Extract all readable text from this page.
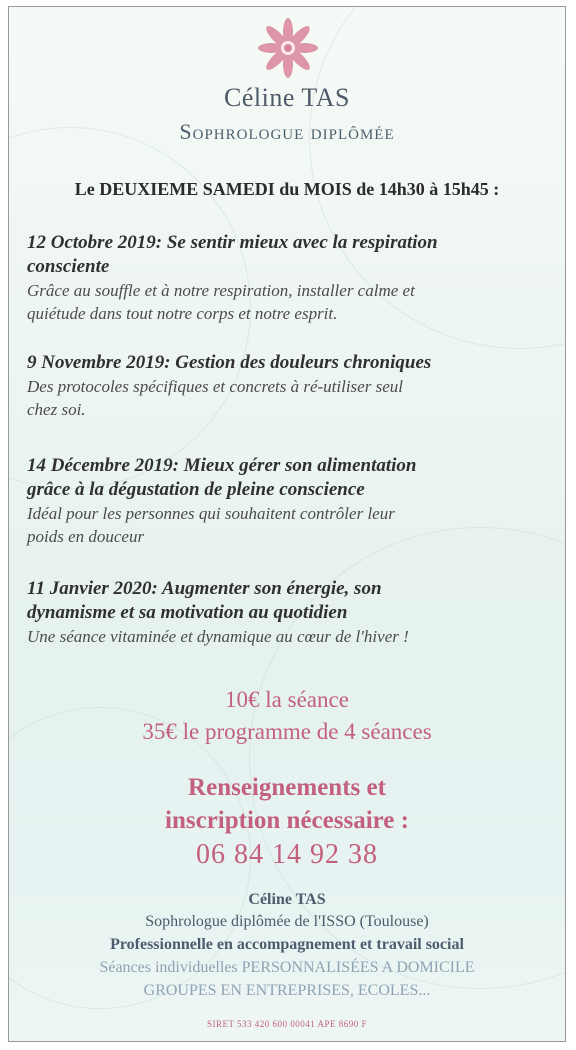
Céline TAS
Sophrologue diplômée
Le DEUXIEME SAMEDI du MOIS de 14h30 à 15h45 :
12 Octobre 2019: Se sentir mieux avec la respiration
consciente
Grâce au souffle et à notre respiration, installer calme et
quiétude dans tout notre corps et notre esprit.
9 Novembre 2019: Gestion des douleurs chroniques
Des protocoles spécifiques et concrets à ré-utiliser seul
chez soi.
14 Décembre 2019: Mieux gérer son alimentation
grâce à la dégustation de pleine conscience
Idéal pour les personnes qui souhaitent contrôler leur
poids en douceur
11 Janvier 2020: Augmenter son énergie, son
dynamisme et sa motivation au quotidien
Une séance vitaminée et dynamique au cœur de l'hiver !
10€ la séance
35€ le programme de 4 séances
Renseignements et
inscription nécessaire :
06 84 14 92 38
Céline TAS
Sophrologue diplômée de l'ISSO (Toulouse)
Professionnelle en accompagnement et travail social
Séances individuelles PERSONNALISÉES A DOMICILE
GROUPES EN ENTREPRISES, ECOLES...
SIRET 533 420 600 00041 APE 8690 F
